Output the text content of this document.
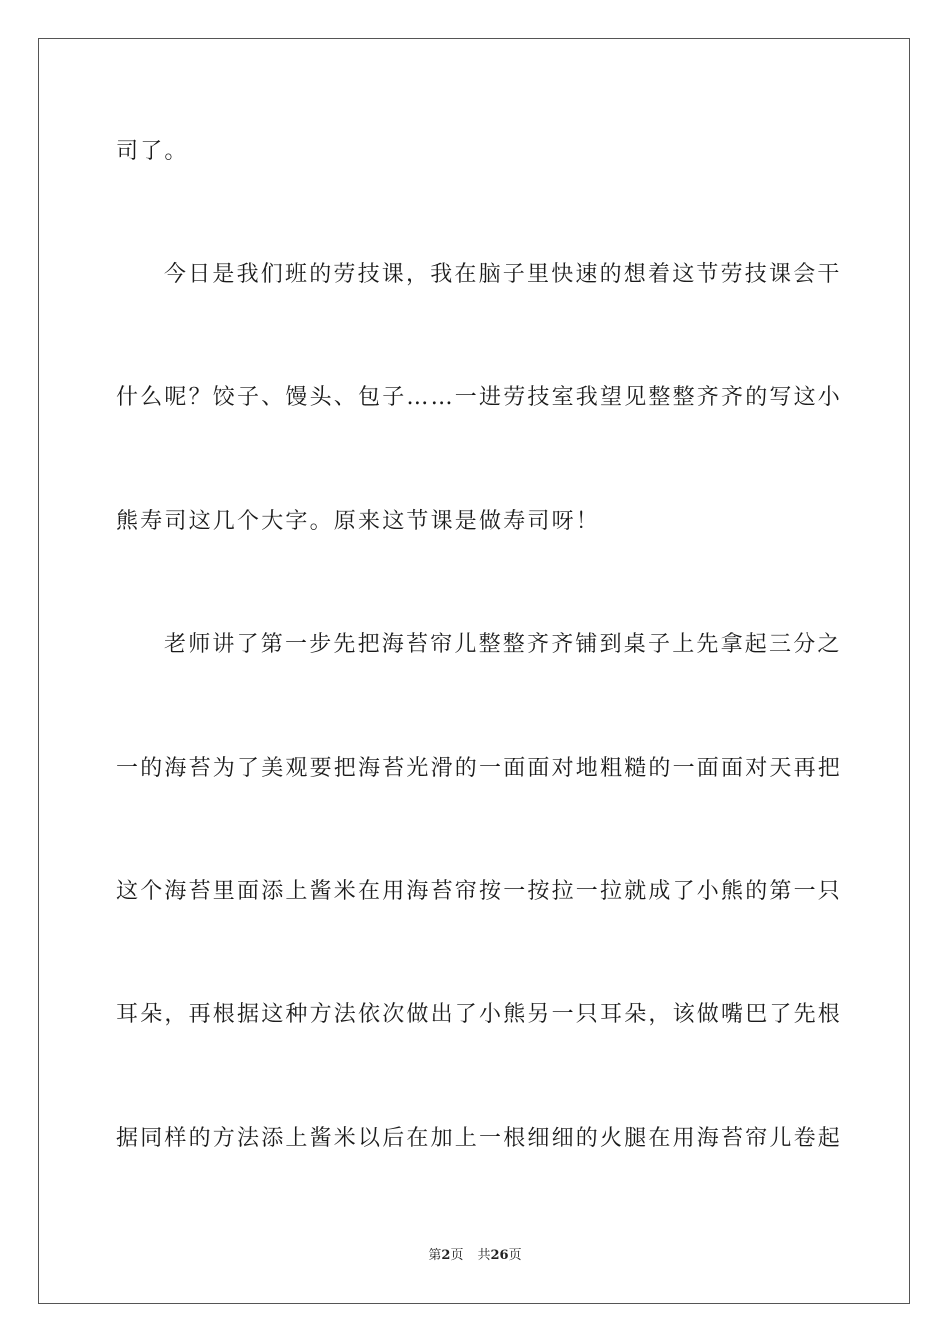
司了。
今日是我们班的劳技课，我在脑子里快速的想着这节劳技课会干
什么呢？饺子、馒头、包子……一进劳技室我望见整整齐齐的写这小
熊寿司这几个大字。原来这节课是做寿司呀！
老师讲了第一步先把海苔帘儿整整齐齐铺到桌子上先拿起三分之
一的海苔为了美观要把海苔光滑的一面面对地粗糙的一面面对天再把
这个海苔里面添上酱米在用海苔帘按一按拉一拉就成了小熊的第一只
耳朵，再根据这种方法依次做出了小熊另一只耳朵，该做嘴巴了先根
据同样的方法添上酱米以后在加上一根细细的火腿在用海苔帘儿卷起
第2页 共26页
